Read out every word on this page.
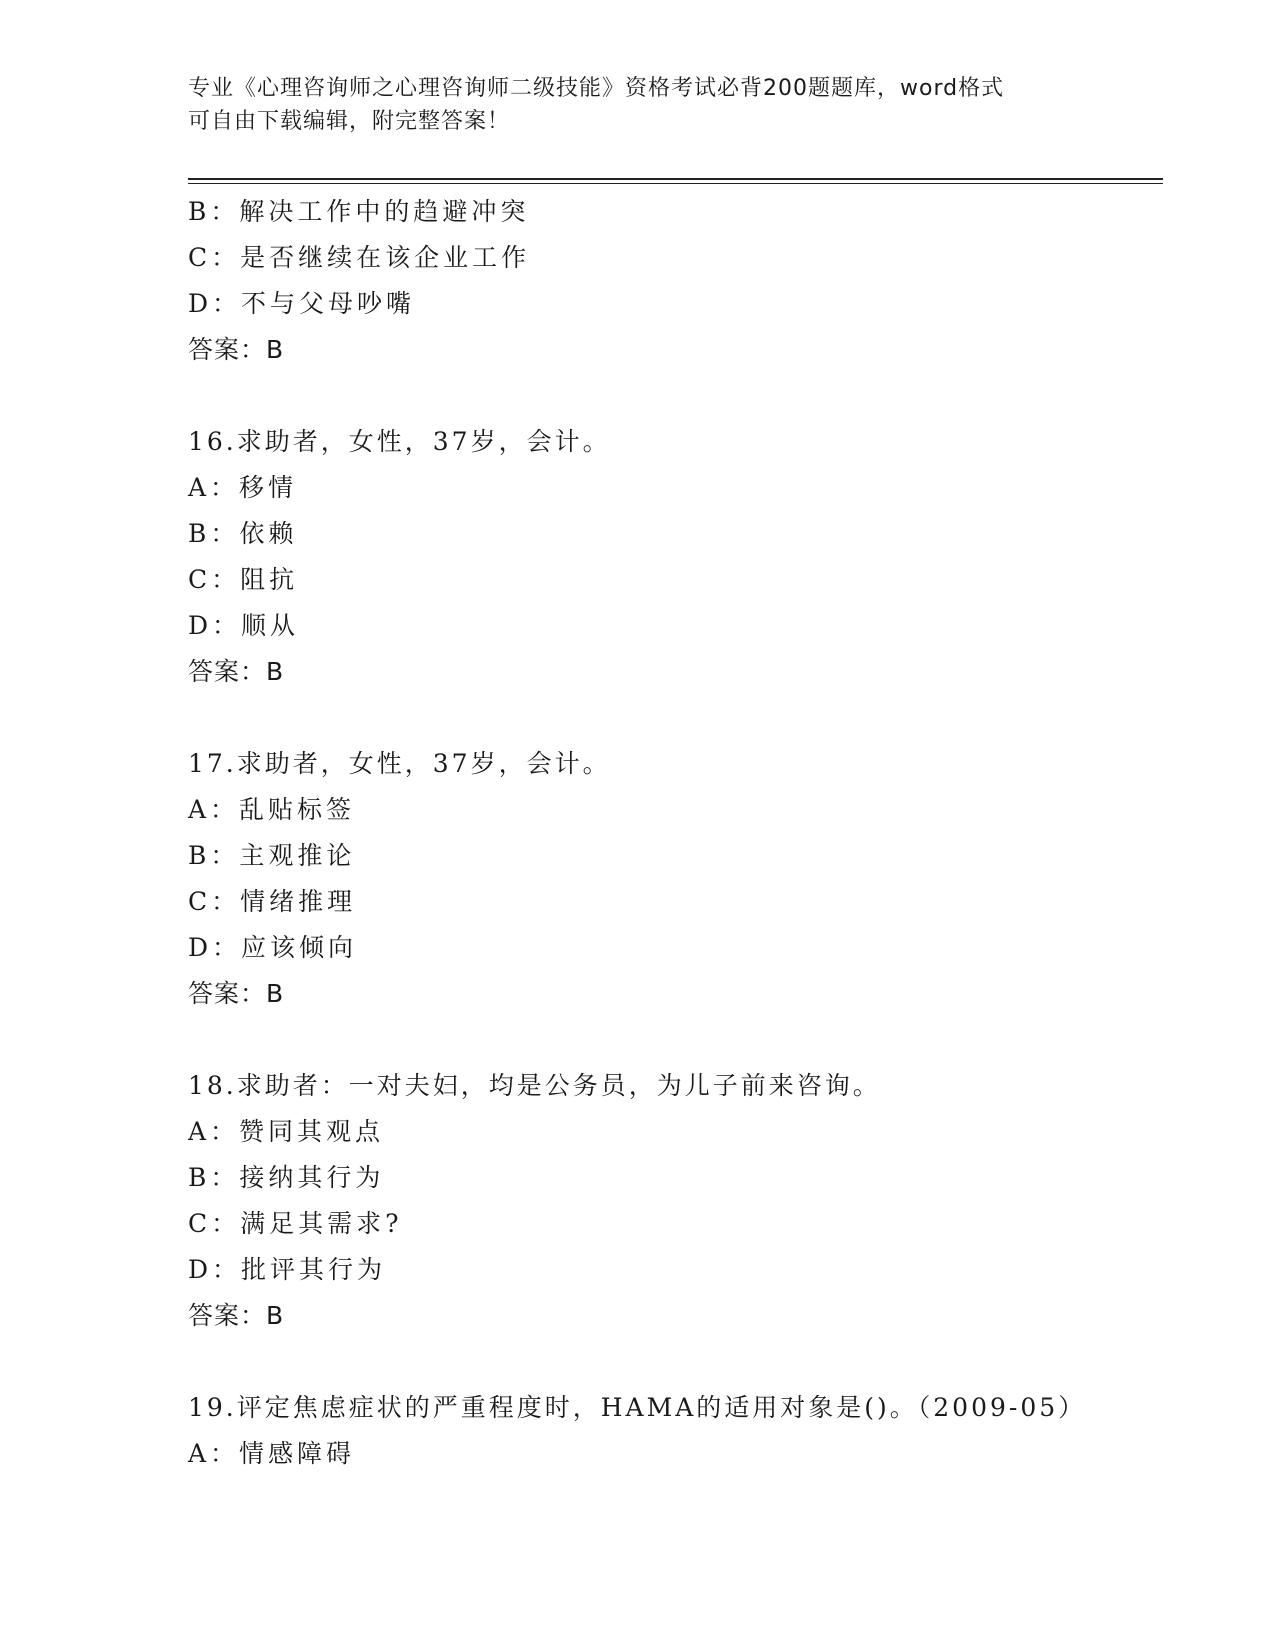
专业《心理咨询师之心理咨询师二级技能》资格考试必背200题题库，word格式
可自由下载编辑，附完整答案！
B：解决工作中的趋避冲突
C：是否继续在该企业工作
D：不与父母吵嘴
答案：B
16.求助者，女性，37岁，会计。
A：移情
B：依赖
C：阻抗
D：顺从
答案：B
17.求助者，女性，37岁，会计。
A：乱贴标签
B：主观推论
C：情绪推理
D：应该倾向
答案：B
18.求助者：一对夫妇，均是公务员，为儿子前来咨询。
A：赞同其观点
B：接纳其行为
C：满足其需求?
D：批评其行为
答案：B
19.评定焦虑症状的严重程度时，HAMA的适用对象是()。（2009-05）
A：情感障碍
